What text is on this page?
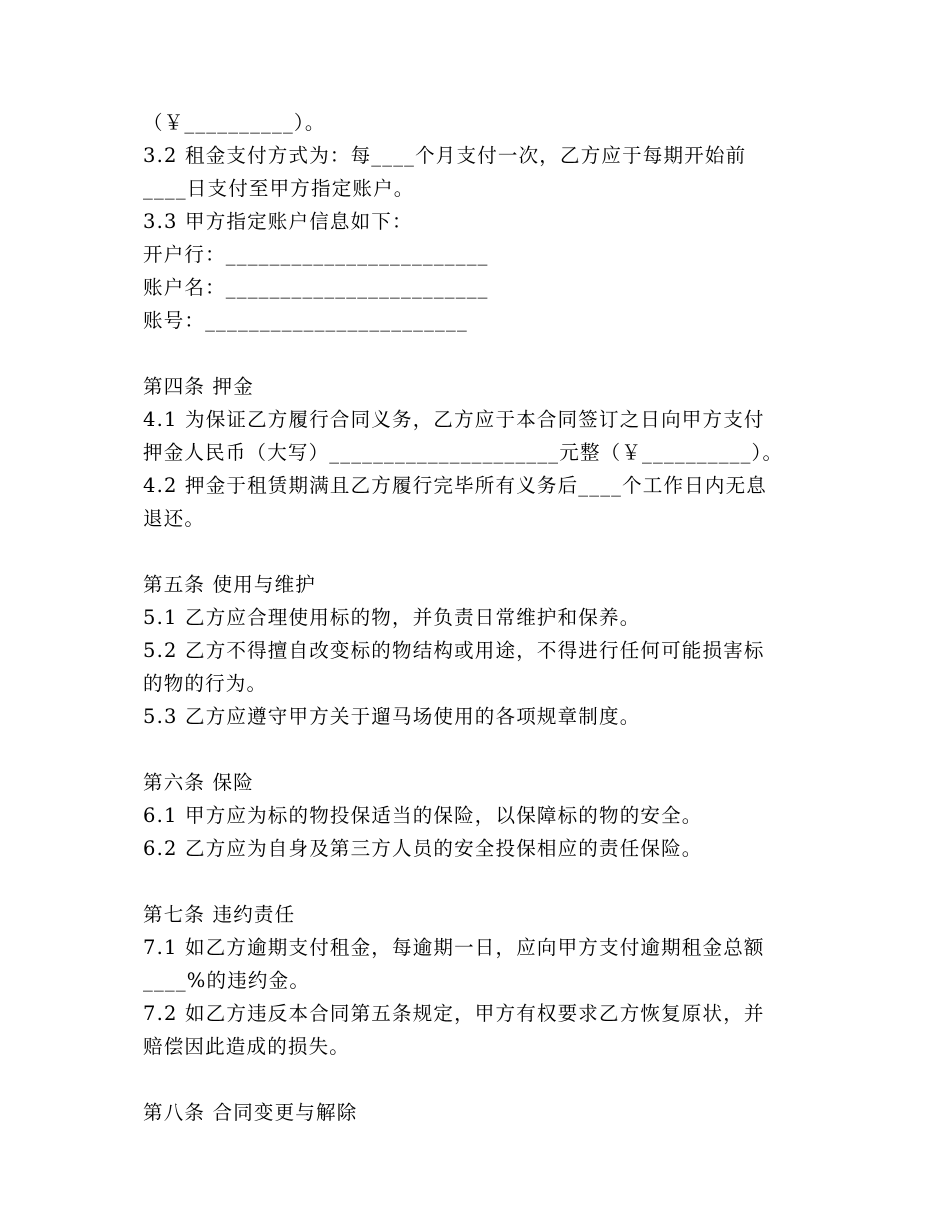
（￥__________）。
3.2 租金支付方式为：每____个月支付一次，乙方应于每期开始前
____日支付至甲方指定账户。
3.3 甲方指定账户信息如下：
开户行：________________________
账户名：________________________
账号：________________________
第四条 押金
4.1 为保证乙方履行合同义务，乙方应于本合同签订之日向甲方支付
押金人民币（大写）_____________________元整（￥__________）。
4.2 押金于租赁期满且乙方履行完毕所有义务后____个工作日内无息
退还。
第五条 使用与维护
5.1 乙方应合理使用标的物，并负责日常维护和保养。
5.2 乙方不得擅自改变标的物结构或用途，不得进行任何可能损害标
的物的行为。
5.3 乙方应遵守甲方关于遛马场使用的各项规章制度。
第六条 保险
6.1 甲方应为标的物投保适当的保险，以保障标的物的安全。
6.2 乙方应为自身及第三方人员的安全投保相应的责任保险。
第七条 违约责任
7.1 如乙方逾期支付租金，每逾期一日，应向甲方支付逾期租金总额
____%的违约金。
7.2 如乙方违反本合同第五条规定，甲方有权要求乙方恢复原状，并
赔偿因此造成的损失。
第八条 合同变更与解除
